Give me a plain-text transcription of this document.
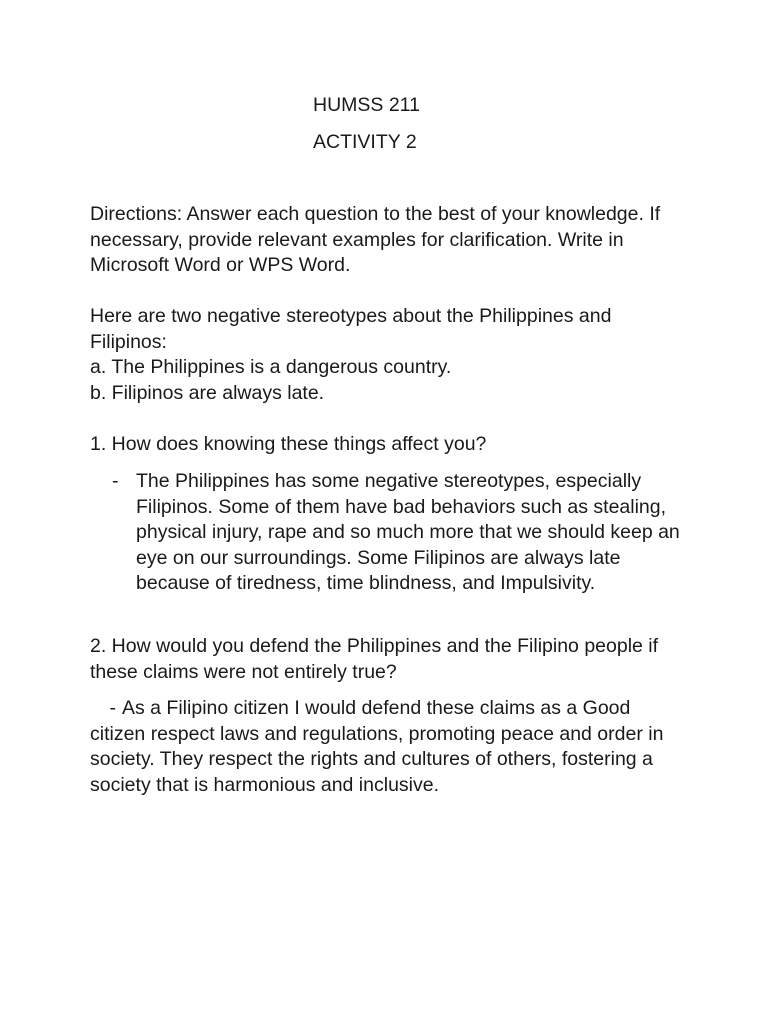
HUMSS 211
ACTIVITY 2

Directions: Answer each question to the best of your knowledge. If necessary, provide relevant examples for clarification. Write in Microsoft Word or WPS Word.

Here are two negative stereotypes about the Philippines and Filipinos:

a. The Philippines is a dangerous country.

b. Filipinos are always late.

1. How does knowing these things affect you?

- The Philippines has some negative stereotypes, especially Filipinos. Some of them have bad behaviors such as stealing, physical injury, rape and so much more that we should keep an eye on our surroundings. Some Filipinos are always late because of tiredness, time blindness, and Impulsivity.

2. How would you defend the Philippines and the Filipino people if these claims were not entirely true?

- As a Filipino citizen I would defend these claims as a Good citizen respect laws and regulations, promoting peace and order in society. They respect the rights and cultures of others, fostering a society that is harmonious and inclusive.
